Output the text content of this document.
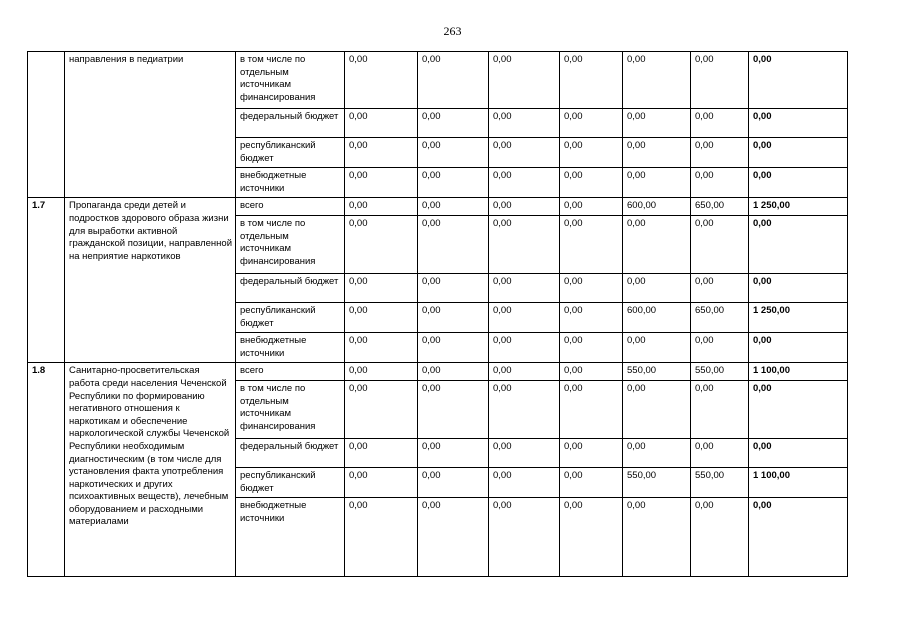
263
	направления в педиатрии	в том числе по отдельным источникам финансирования	0,00	0,00	0,00	0,00	0,00	0,00	0,00
		федеральный бюджет	0,00	0,00	0,00	0,00	0,00	0,00	0,00
		республиканский бюджет	0,00	0,00	0,00	0,00	0,00	0,00	0,00
		внебюджетные источники	0,00	0,00	0,00	0,00	0,00	0,00	0,00
1.7	Пропаганда среди детей и подростков здорового образа жизни для выработки активной гражданской позиции, направленной на неприятие наркотиков	всего	0,00	0,00	0,00	0,00	600,00	650,00	1 250,00
		в том числе по отдельным источникам финансирования	0,00	0,00	0,00	0,00	0,00	0,00	0,00
		федеральный бюджет	0,00	0,00	0,00	0,00	0,00	0,00	0,00
		республиканский бюджет	0,00	0,00	0,00	0,00	600,00	650,00	1 250,00
		внебюджетные источники	0,00	0,00	0,00	0,00	0,00	0,00	0,00
1.8	Санитарно-просветительская работа среди населения Чеченской Республики по формированию негативного отношения к наркотикам и обеспечение наркологической службы Чеченской Республики необходимым диагностическим (в том числе для установления факта употребления наркотических и других психоактивных веществ), лечебным оборудованием и расходными материалами	всего	0,00	0,00	0,00	0,00	550,00	550,00	1 100,00
		в том числе по отдельным источникам финансирования	0,00	0,00	0,00	0,00	0,00	0,00	0,00
		федеральный бюджет	0,00	0,00	0,00	0,00	0,00	0,00	0,00
		республиканский бюджет	0,00	0,00	0,00	0,00	550,00	550,00	1 100,00
		внебюджетные источники	0,00	0,00	0,00	0,00	0,00	0,00	0,00
